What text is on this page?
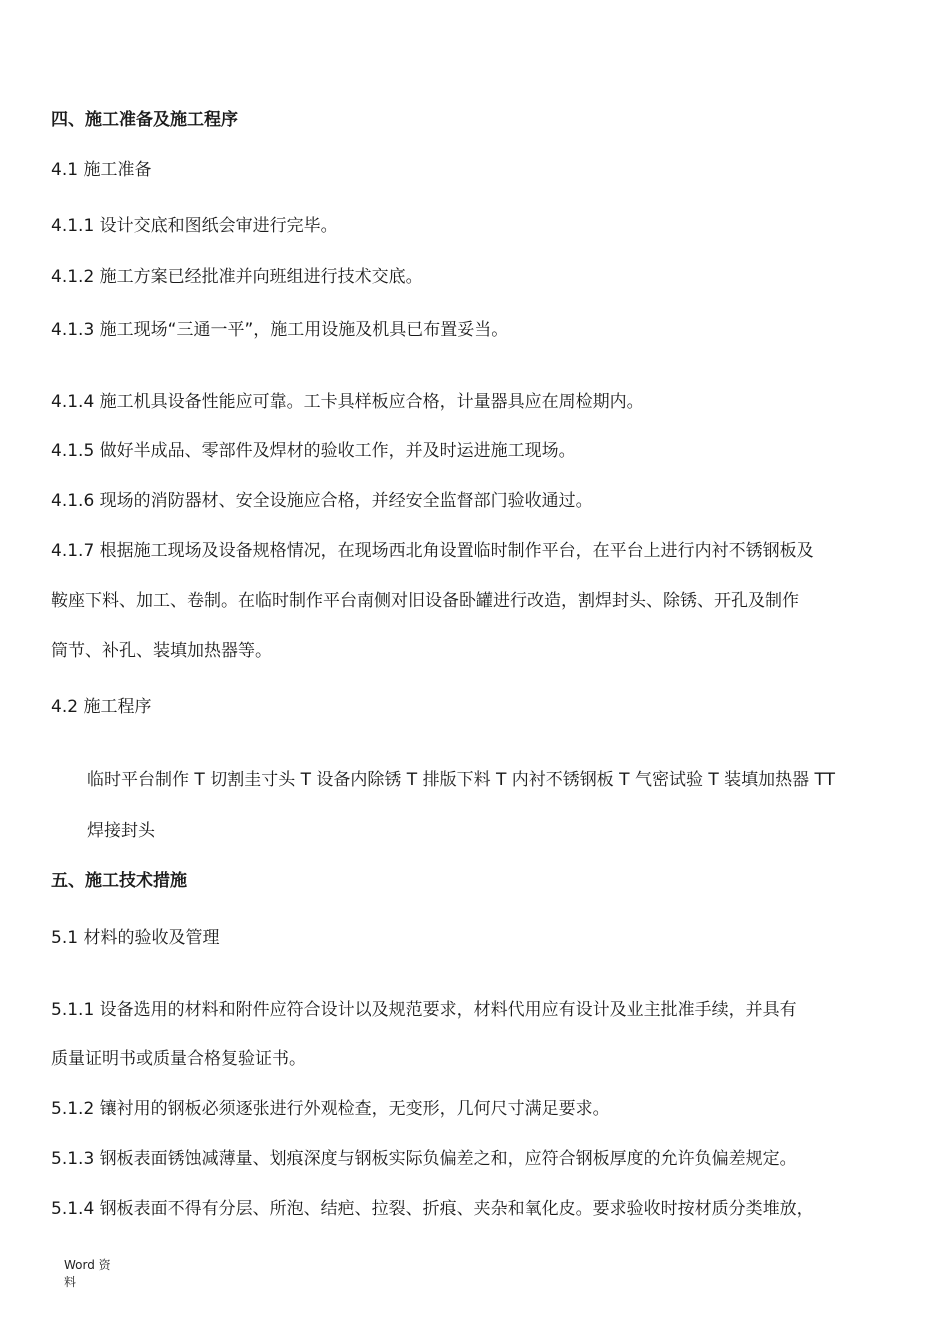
四、施工准备及施工程序
4.1 施工准备
4.1.1 设计交底和图纸会审进行完毕。
4.1.2 施工方案已经批准并向班组进行技术交底。
4.1.3 施工现场“三通一平”，施工用设施及机具已布置妥当。
4.1.4 施工机具设备性能应可靠。工卡具样板应合格，计量器具应在周检期内。
4.1.5 做好半成品、零部件及焊材的验收工作，并及时运进施工现场。
4.1.6 现场的消防器材、安全设施应合格，并经安全监督部门验收通过。
4.1.7 根据施工现场及设备规格情况，在现场西北角设置临时制作平台，在平台上进行内衬不锈钢板及
鞍座下料、加工、卷制。在临时制作平台南侧对旧设备卧罐进行改造，割焊封头、除锈、开孔及制作
筒节、补孔、装填加热器等。
4.2 施工程序
临时平台制作 T 切割圭寸头 T 设备内除锈 T 排版下料 T 内衬不锈钢板 T 气密试验 T 装填加热器 TT
焊接封头
五、施工技术措施
5.1 材料的验收及管理
5.1.1 设备选用的材料和附件应符合设计以及规范要求，材料代用应有设计及业主批准手续，并具有
质量证明书或质量合格复验证书。
5.1.2 镶衬用的钢板必须逐张进行外观检查，无变形，几何尺寸满足要求。
5.1.3 钢板表面锈蚀减薄量、划痕深度与钢板实际负偏差之和，应符合钢板厚度的允许负偏差规定。
5.1.4 钢板表面不得有分层、所泡、结疤、拉裂、折痕、夹杂和氧化皮。要求验收时按材质分类堆放，
Word 资
料
